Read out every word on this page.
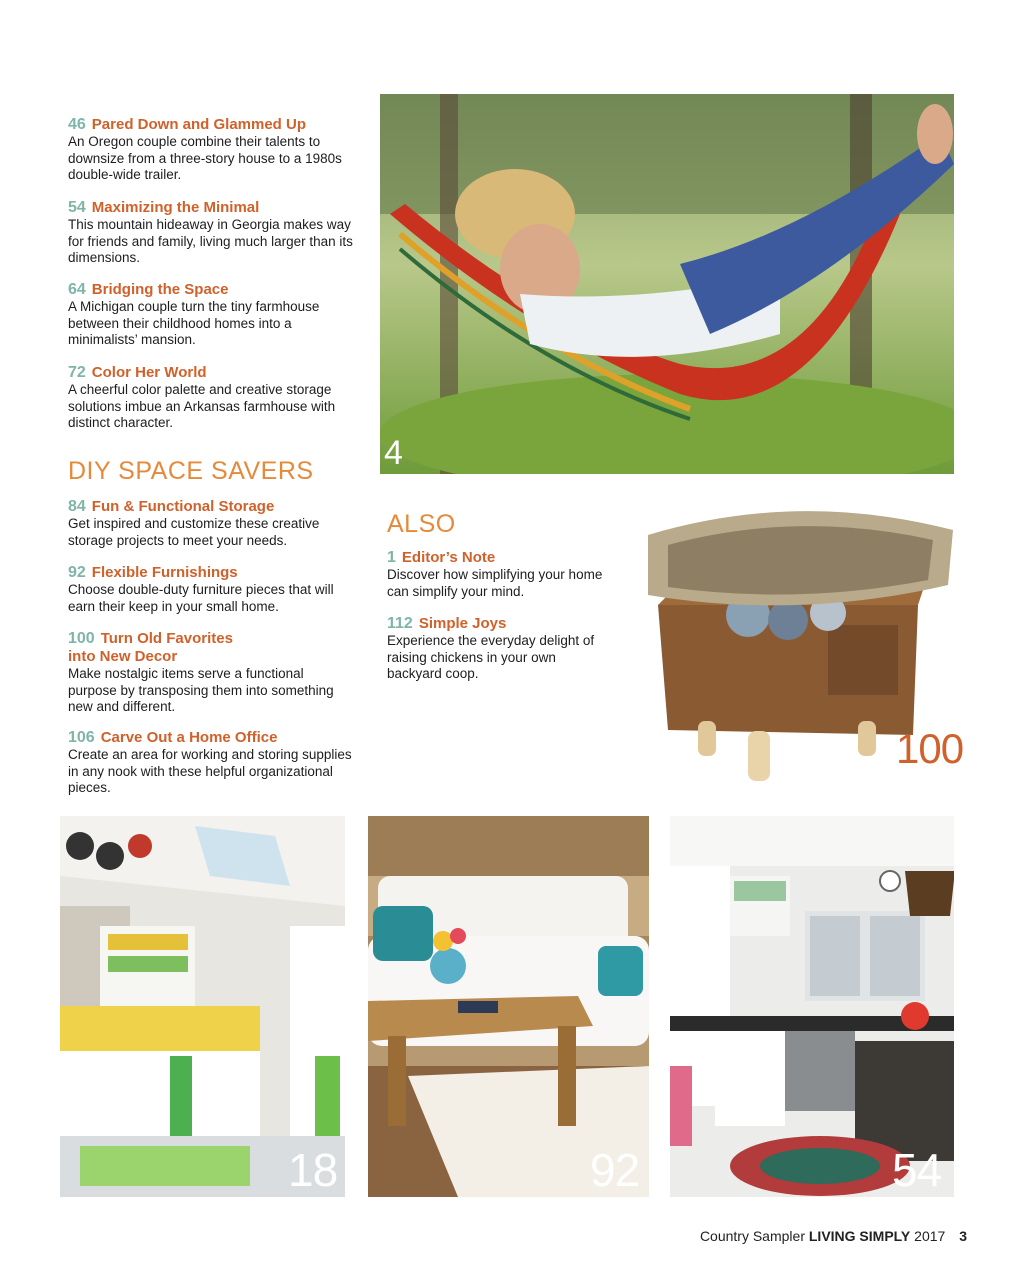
46 Pared Down and Glammed Up
An Oregon couple combine their talents to downsize from a three-story house to a 1980s double-wide trailer.
54 Maximizing the Minimal
This mountain hideaway in Georgia makes way for friends and family, living much larger than its dimensions.
64 Bridging the Space
A Michigan couple turn the tiny farmhouse between their childhood homes into a minimalists’ mansion.
72 Color Her World
A cheerful color palette and creative storage solutions imbue an Arkansas farmhouse with distinct character.
DIY SPACE SAVERS
84 Fun & Functional Storage
Get inspired and customize these creative storage projects to meet your needs.
92 Flexible Furnishings
Choose double-duty furniture pieces that will earn their keep in your small home.
100 Turn Old Favorites
into New Decor
Make nostalgic items serve a functional purpose by transposing them into something new and different.
106 Carve Out a Home Office
Create an area for working and storing supplies in any nook with these helpful organizational pieces.
ALSO
1 Editor’s Note
Discover how simplifying your home can simplify your mind.
112 Simple Joys
Experience the everyday delight of raising chickens in your own backyard coop.
4
100
18	92	54
Country Sampler LIVING SIMPLY 2017 3
